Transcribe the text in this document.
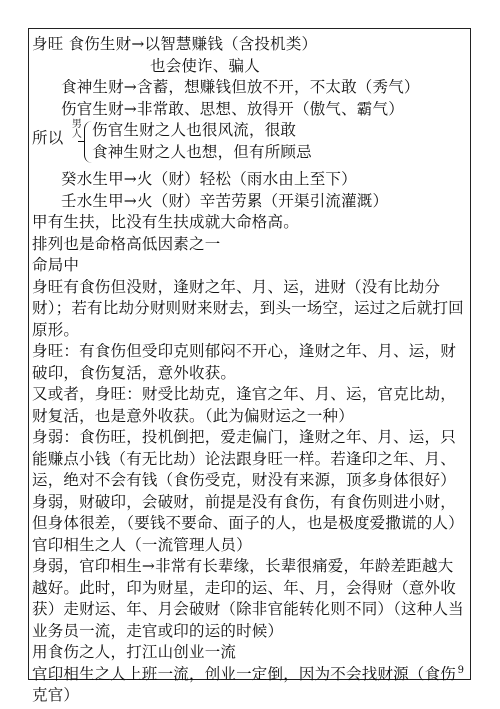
身旺 食伤生财→以智慧赚钱（含投机类）
也会使诈、骗人
食神生财→含蓄，想赚钱但放不开，不太敢（秀气）
伤官生财→非常敢、思想、放得开（傲气、霸气）
所以
男
人 伤官生财之人也很风流，很敢
食神生财之人也想，但有所顾忌
癸水生甲→火（财）轻松（雨水由上至下）
壬水生甲→火（财）辛苦劳累（开渠引流灌溉）
甲有生扶，比没有生扶成就大命格高。
排列也是命格高低因素之一
命局中
身旺有食伤但没财，逢财之年、月、运，进财（没有比劫分财）；若有比劫分财则财来财去，到头一场空，运过之后就打回原形。
身旺：有食伤但受印克则郁闷不开心，逢财之年、月、运，财破印，食伤复活，意外收获。
又或者，身旺：财受比劫克，逢官之年、月、运，官克比劫，财复活，也是意外收获。（此为偏财运之一种）
身弱：食伤旺，投机倒把，爱走偏门，逢财之年、月、运，只能赚点小钱（有无比劫）论法跟身旺一样。若逢印之年、月、运，绝对不会有钱（食伤受克，财没有来源，顶多身体很好）
身弱，财破印，会破财，前提是没有食伤，有食伤则进小财，但身体很差，（要钱不要命、面子的人，也是极度爱撒谎的人）
官印相生之人（一流管理人员）
身弱，官印相生→非常有长辈缘，长辈很痛爱，年龄差距越大越好。此时，印为财星，走印的运、年、月，会得财（意外收获）走财运、年、月会破财（除非官能转化则不同）（这种人当业务员一流，走官或印的运的时候）
用食伤之人，打江山创业一流
官印相生之人上班一流，创业一定倒，因为不会找财源（食伤克官）
9
